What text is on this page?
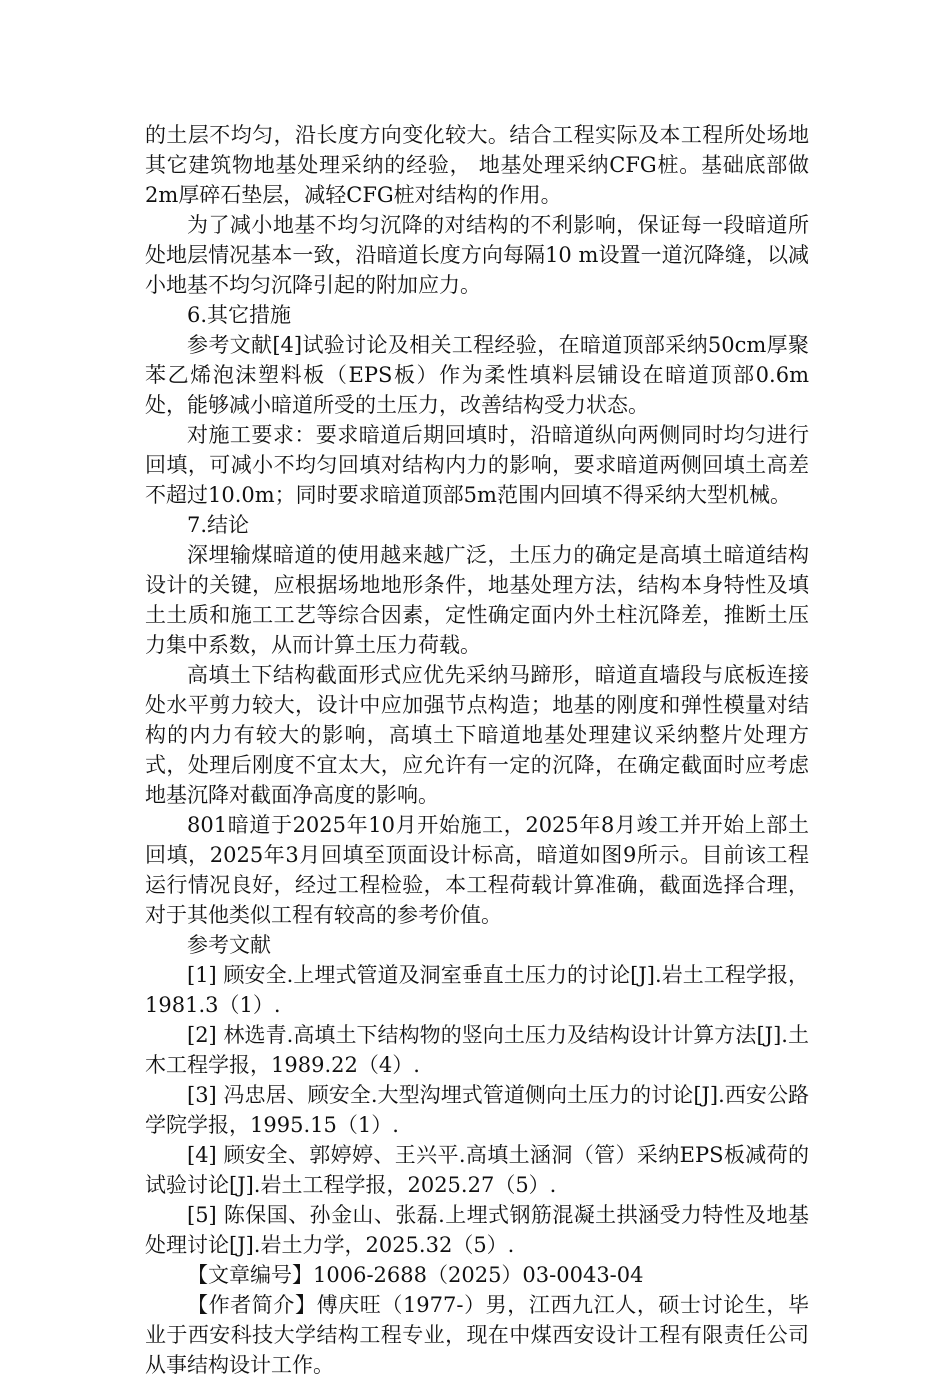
的土层不均匀，沿长度方向变化较大。结合工程实际及本工程所处场地其它建筑物地基处理采纳的经验， 地基处理采纳CFG桩。基础底部做2m厚碎石垫层，减轻CFG桩对结构的作用。

为了减小地基不均匀沉降的对结构的不利影响，保证每一段暗道所处地层情况基本一致，沿暗道长度方向每隔10 m设置一道沉降缝，以减小地基不均匀沉降引起的附加应力。

6.其它措施

参考文献[4]试验讨论及相关工程经验，在暗道顶部采纳50cm厚聚苯乙烯泡沫塑料板（EPS板）作为柔性填料层铺设在暗道顶部0.6m处，能够减小暗道所受的土压力，改善结构受力状态。

对施工要求：要求暗道后期回填时，沿暗道纵向两侧同时均匀进行回填，可减小不均匀回填对结构内力的影响，要求暗道两侧回填土高差不超过10.0m；同时要求暗道顶部5m范围内回填不得采纳大型机械。

7.结论

深埋输煤暗道的使用越来越广泛，土压力的确定是高填土暗道结构设计的关键，应根据场地地形条件，地基处理方法，结构本身特性及填土土质和施工工艺等综合因素，定性确定面内外土柱沉降差，推断土压力集中系数，从而计算土压力荷载。

高填土下结构截面形式应优先采纳马蹄形，暗道直墙段与底板连接处水平剪力较大，设计中应加强节点构造；地基的刚度和弹性模量对结构的内力有较大的影响，高填土下暗道地基处理建议采纳整片处理方式，处理后刚度不宜太大，应允许有一定的沉降，在确定截面时应考虑地基沉降对截面净高度的影响。

801暗道于2025年10月开始施工，2025年8月竣工并开始上部土回填，2025年3月回填至顶面设计标高，暗道如图9所示。目前该工程运行情况良好，经过工程检验，本工程荷载计算准确，截面选择合理，对于其他类似工程有较高的参考价值。

参考文献

[1] 顾安全.上埋式管道及洞室垂直土压力的讨论[J].岩土工程学报，1981.3（1）.

[2] 林选青.高填土下结构物的竖向土压力及结构设计计算方法[J].土木工程学报，1989.22（4）.

[3] 冯忠居、顾安全.大型沟埋式管道侧向土压力的讨论[J].西安公路学院学报，1995.15（1）.

[4] 顾安全、郭婷婷、王兴平.高填土涵洞（管）采纳EPS板减荷的试验讨论[J].岩土工程学报，2025.27（5）.

[5] 陈保国、孙金山、张磊.上埋式钢筋混凝土拱涵受力特性及地基处理讨论[J].岩土力学，2025.32（5）.

【文章编号】1006-2688（2025）03-0043-04

【作者简介】傅庆旺（1977-）男，江西九江人，硕士讨论生，毕业于西安科技大学结构工程专业，现在中煤西安设计工程有限责任公司从事结构设计工作。
